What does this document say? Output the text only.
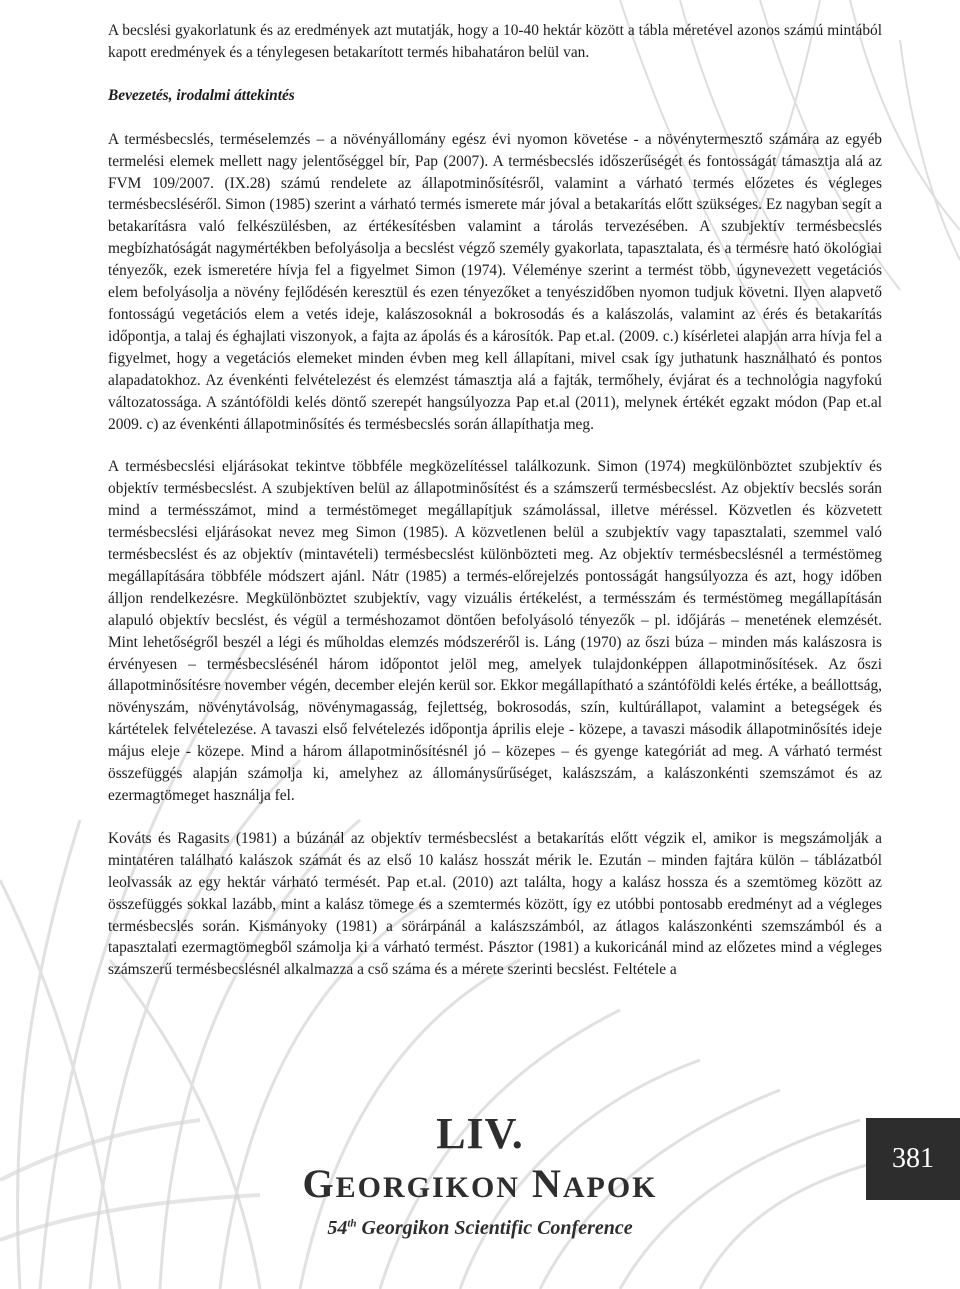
A becslési gyakorlatunk és az eredmények azt mutatják, hogy a 10-40 hektár között a tábla méretével azonos számú mintából kapott eredmények és a ténylegesen betakarított termés hibahatáron belül van.

Bevezetés, irodalmi áttekintés

A termésbecslés, terméselemzés – a növényállomány egész évi nyomon követése - a növénytermesztő számára az egyéb termelési elemek mellett nagy jelentőséggel bír, Pap (2007). A termésbecslés időszerűségét és fontosságát támasztja alá az FVM 109/2007. (IX.28) számú rendelete az állapotminősítésről, valamint a várható termés előzetes és végleges termésbecsléséről. Simon (1985) szerint a várható termés ismerete már jóval a betakarítás előtt szükséges. Ez nagyban segít a betakarításra való felkészülésben, az értékesítésben valamint a tárolás tervezésében. A szubjektív termésbecslés megbízhatóságát nagymértékben befolyásolja a becslést végző személy gyakorlata, tapasztalata, és a termésre ható ökológiai tényezők, ezek ismeretére hívja fel a figyelmet Simon (1974). Véleménye szerint a termést több, úgynevezett vegetációs elem befolyásolja a növény fejlődésén keresztül és ezen tényezőket a tenyészidőben nyomon tudjuk követni. Ilyen alapvető fontosságú vegetációs elem a vetés ideje, kalászosoknál a bokrosodás és a kalászolás, valamint az érés és betakarítás időpontja, a talaj és éghajlati viszonyok, a fajta az ápolás és a károsítók. Pap et.al. (2009. c.) kísérletei alapján arra hívja fel a figyelmet, hogy a vegetációs elemeket minden évben meg kell állapítani, mivel csak így juthatunk használható és pontos alapadatokhoz. Az évenkénti felvételezést és elemzést támasztja alá a fajták, termőhely, évjárat és a technológia nagyfokú változatossága. A szántóföldi kelés döntő szerepét hangsúlyozza Pap et.al (2011), melynek értékét egzakt módon (Pap et.al 2009. c) az évenkénti állapotminősítés és termésbecslés során állapíthatja meg.

A termésbecslési eljárásokat tekintve többféle megközelítéssel találkozunk. Simon (1974) megkülönböztet szubjektív és objektív termésbecslést. A szubjektíven belül az állapotminősítést és a számszerű termésbecslést. Az objektív becslés során mind a termésszámot, mind a terméstömeget megállapítjuk számolással, illetve méréssel. Közvetlen és közvetett termésbecslési eljárásokat nevez meg Simon (1985). A közvetlenen belül a szubjektív vagy tapasztalati, szemmel való termésbecslést és az objektív (mintavételi) termésbecslést különbözteti meg. Az objektív termésbecslésnél a terméstömeg megállapítására többféle módszert ajánl. Nátr (1985) a termés-előrejelzés pontosságát hangsúlyozza és azt, hogy időben álljon rendelkezésre. Megkülönböztet szubjektív, vagy vizuális értékelést, a termésszám és terméstömeg megállapításán alapuló objektív becslést, és végül a terméshozamot döntően befolyásoló tényezők – pl. időjárás – menetének elemzését. Mint lehetőségről beszél a légi és műholdas elemzés módszeréről is. Láng (1970) az őszi búza – minden más kalászosra is érvényesen – termésbecslésénél három időpontot jelöl meg, amelyek tulajdonképpen állapotminősítések. Az őszi állapotminősítésre november végén, december elején kerül sor. Ekkor megállapítható a szántóföldi kelés értéke, a beállottság, növényszám, növénytávolság, növénymagasság, fejlettség, bokrosodás, szín, kultúrállapot, valamint a betegségek és kártételek felvételezése. A tavaszi első felvételezés időpontja április eleje - közepe, a tavaszi második állapotminősítés ideje május eleje - közepe. Mind a három állapotminősítésnél jó – közepes – és gyenge kategóriát ad meg. A várható termést összefüggés alapján számolja ki, amelyhez az állománysűrűséget, kalászszám, a kalászonkénti szemszámot és az ezermagtömeget használja fel.

Kováts és Ragasits (1981) a búzánál az objektív termésbecslést a betakarítás előtt végzik el, amikor is megszámolják a mintatéren található kalászok számát és az első 10 kalász hosszát mérik le. Ezután – minden fajtára külön – táblázatból leolvassák az egy hektár várható termését. Pap et.al. (2010) azt találta, hogy a kalász hossza és a szemtömeg között az összefüggés sokkal lazább, mint a kalász tömege és a szemtermés között, így ez utóbbi pontosabb eredményt ad a végleges termésbecslés során. Kismányoky (1981) a sörárpánál a kalászszámból, az átlagos kalászonkénti szemszámból és a tapasztalati ezermagtömegből számolja ki a várható termést. Pásztor (1981) a kukoricánál mind az előzetes mind a végleges számszerű termésbecslésnél alkalmazza a cső száma és a mérete szerinti becslést. Feltétele a

LIV.
GEORGIKON NAPOK
54th Georgikon Scientific Conference
381
